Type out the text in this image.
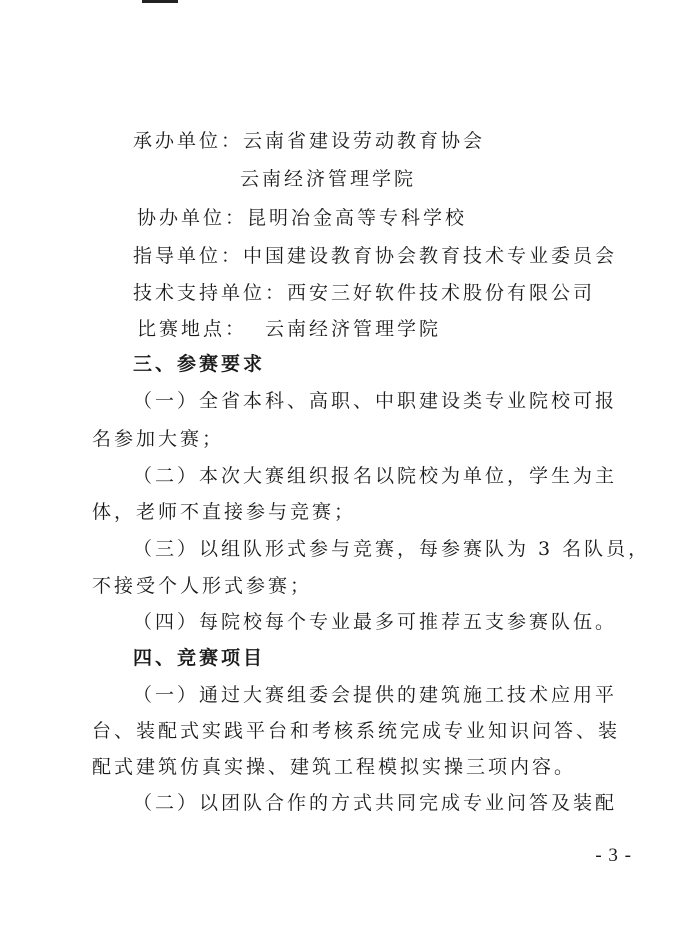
承办单位：云南省建设劳动教育协会
云南经济管理学院
协办单位：昆明冶金高等专科学校
指导单位：中国建设教育协会教育技术专业委员会
技术支持单位：西安三好软件技术股份有限公司
比赛地点： 云南经济管理学院
三、参赛要求
（一）全省本科、高职、中职建设类专业院校可报
名参加大赛；
（二）本次大赛组织报名以院校为单位，学生为主
体，老师不直接参与竞赛；
（三）以组队形式参与竞赛，每参赛队为 3 名队员，
不接受个人形式参赛；
（四）每院校每个专业最多可推荐五支参赛队伍。
四、竞赛项目
（一）通过大赛组委会提供的建筑施工技术应用平
台、装配式实践平台和考核系统完成专业知识问答、装
配式建筑仿真实操、建筑工程模拟实操三项内容。
（二）以团队合作的方式共同完成专业问答及装配
- 3 -
